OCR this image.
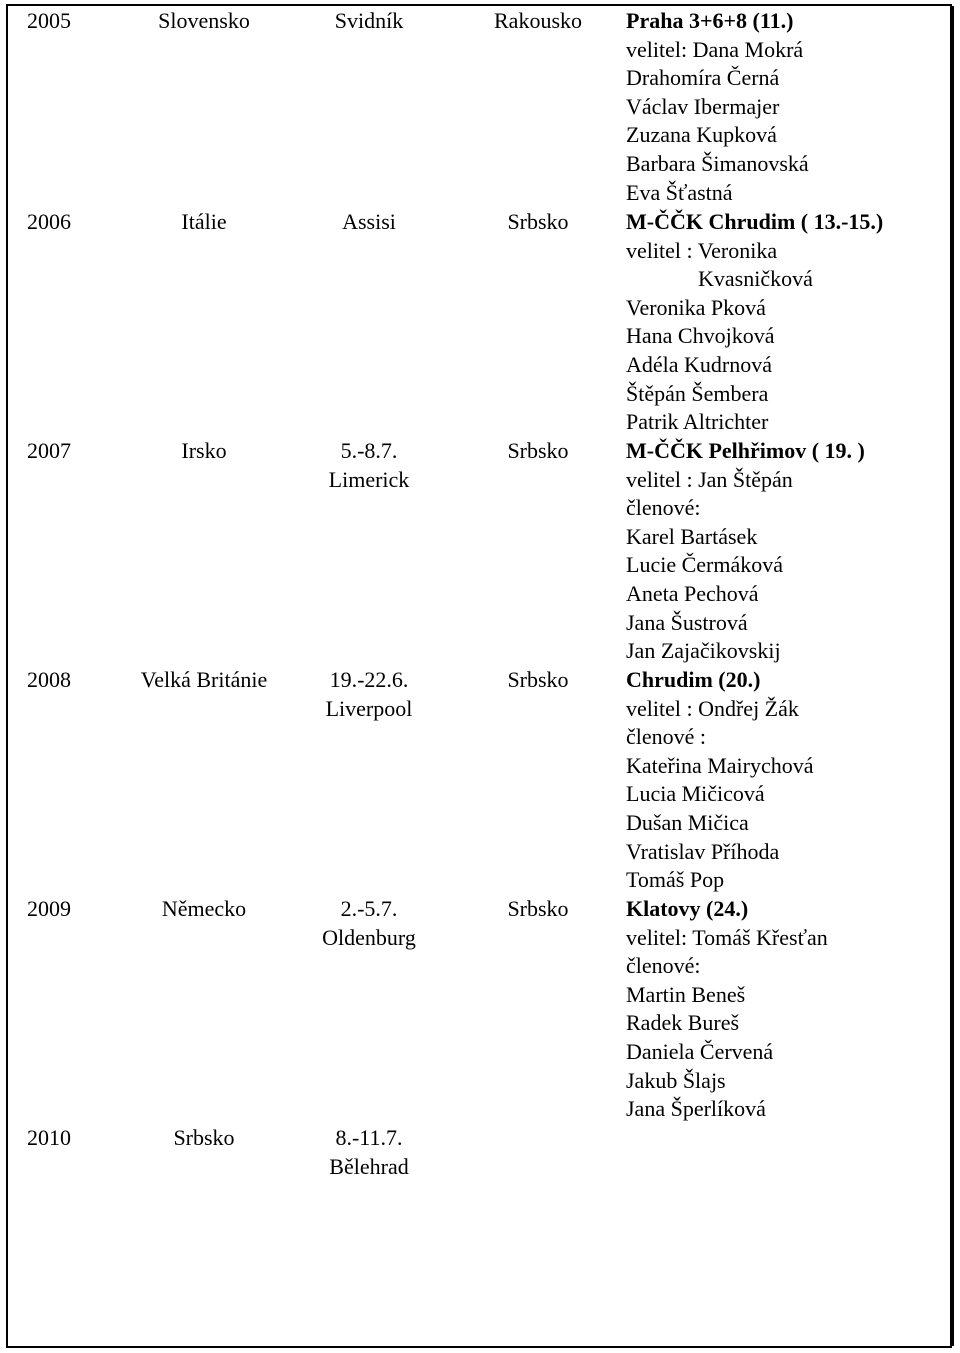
2005	Slovensko	Svidník	Rakousko	Praha 3+6+8 (11.)
velitel: Dana Mokrá
Drahomíra Černá
Václav Ibermajer
Zuzana Kupková
Barbara Šimanovská
Eva Šťastná
2006	Itálie	Assisi	Srbsko	M-ČČK Chrudim ( 13.-15.)
velitel : Veronika
Kvasničková
Veronika Pková
Hana Chvojková
Adéla Kudrnová
Štěpán Šembera
Patrik Altrichter
2007	Irsko	5.-8.7.
Limerick
Srbsko	M-ČČK Pelhřimov ( 19. )
velitel : Jan Štěpán
členové:
Karel Bartásek
Lucie Čermáková
Aneta Pechová
Jana Šustrová
Jan Zajačikovskij
2008	Velká Británie	19.-22.6.
Liverpool
Srbsko	Chrudim (20.)
velitel : Ondřej Žák
členové :
Kateřina Mairychová
Lucia Mičicová
Dušan Mičica
Vratislav Příhoda
Tomáš Pop
2009	Německo	2.-5.7.
Oldenburg
Srbsko	Klatovy (24.)
velitel: Tomáš Křesťan
členové:
Martin Beneš
Radek Bureš
Daniela Červená
Jakub Šlajs
Jana Šperlíková
2010	Srbsko	8.-11.7.
Bělehrad
